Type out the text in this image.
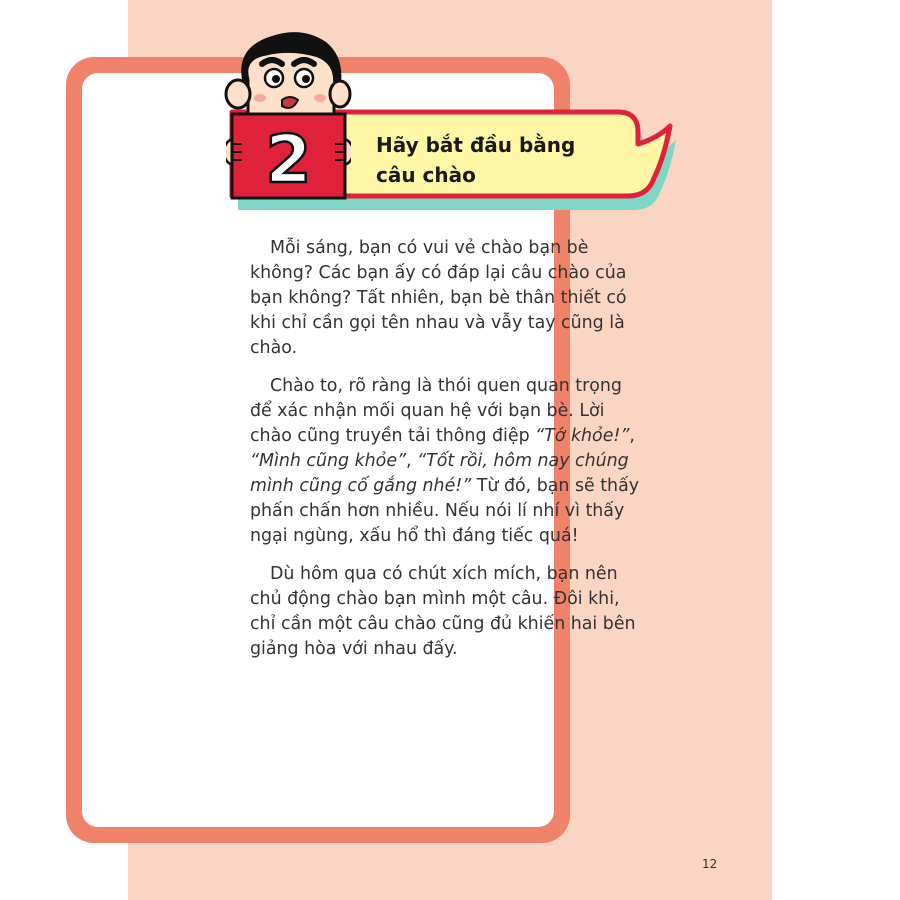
2	Hãy bắt đầu bằng
câu chào

Mỗi sáng, bạn có vui vẻ chào bạn bè không? Các bạn ấy có đáp lại câu chào của bạn không? Tất nhiên, bạn bè thân thiết có khi chỉ cần gọi tên nhau và vẫy tay cũng là chào.

Chào to, rõ ràng là thói quen quan trọng để xác nhận mối quan hệ với bạn bè. Lời chào cũng truyền tải thông điệp “Tớ khỏe!”, “Mình cũng khỏe”, “Tốt rồi, hôm nay chúng mình cũng cố gắng nhé!” Từ đó, bạn sẽ thấy phấn chấn hơn nhiều. Nếu nói lí nhí vì thấy ngại ngùng, xấu hổ thì đáng tiếc quá!

Dù hôm qua có chút xích mích, bạn nên chủ động chào bạn mình một câu. Đôi khi, chỉ cần một câu chào cũng đủ khiến hai bên giảng hòa với nhau đấy.

12
